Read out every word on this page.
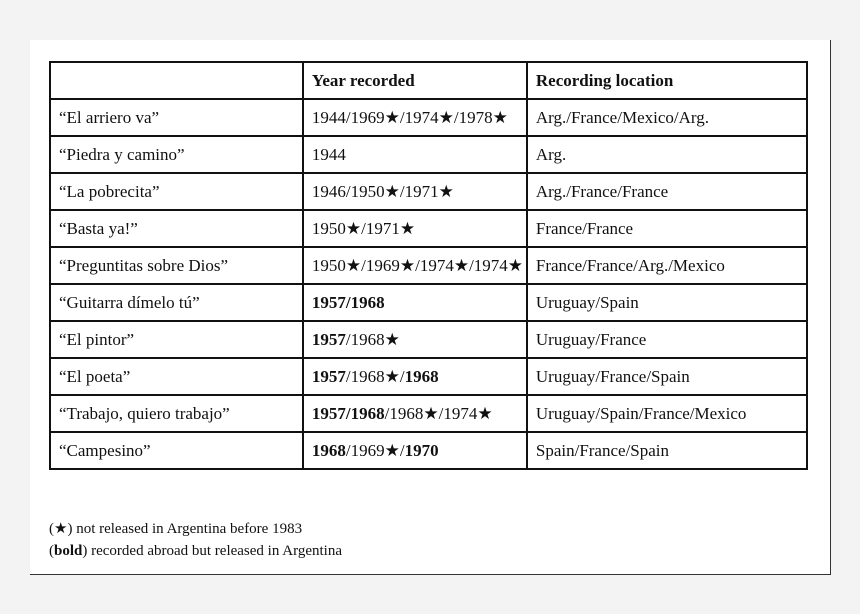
	Year recorded	Recording location
“El arriero va”	1944/1969★/1974★/1978★	Arg./France/Mexico/Arg.
“Piedra y camino”	1944	Arg.
“La pobrecita”	1946/1950★/1971★	Arg./France/France
“Basta ya!”	1950★/1971★	France/France
“Preguntitas sobre Dios”	1950★/1969★/1974★/1974★	France/France/Arg./Mexico
“Guitarra dímelo tú”	1957/1968	Uruguay/Spain
“El pintor”	1957/1968★	Uruguay/France
“El poeta”	1957/1968★/1968	Uruguay/France/Spain
“Trabajo, quiero trabajo”	1957/1968/1968★/1974★	Uruguay/Spain/France/Mexico
“Campesino”	1968/1969★/1970	Spain/France/Spain
(★) not released in Argentina before 1983
(bold) recorded abroad but released in Argentina
